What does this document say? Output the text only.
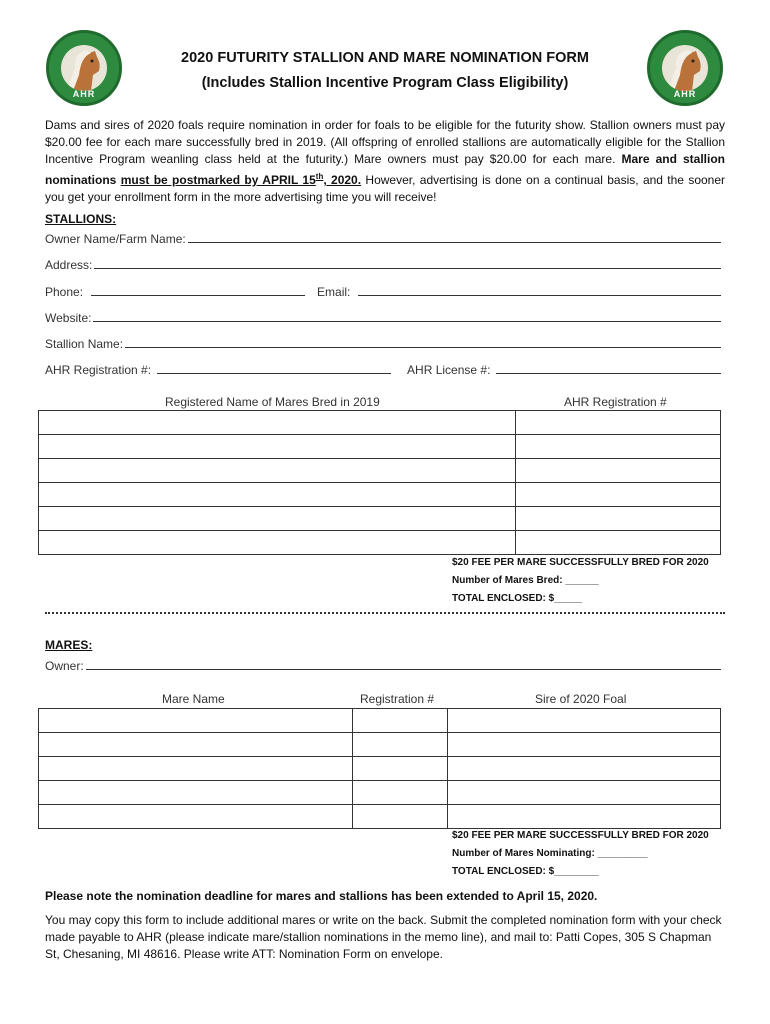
AHR	AHR
2020 FUTURITY STALLION AND MARE NOMINATION FORM
(Includes Stallion Incentive Program Class Eligibility)

Dams and sires of 2020 foals require nomination in order for foals to be eligible for the futurity show. Stallion owners must pay $20.00 fee for each mare successfully bred in 2019. (All offspring of enrolled stallions are automatically eligible for the Stallion Incentive Program weanling class held at the futurity.) Mare owners must pay $20.00 for each mare. Mare and stallion nominations must be postmarked by APRIL 15th, 2020. However, advertising is done on a continual basis, and the sooner you get your enrollment form in the more advertising time you will receive!

STALLIONS:
Owner Name/Farm Name:
Address:
Phone:	Email:
Website:
Stallion Name:
AHR Registration #:	AHR License #:
Registered Name of Mares Bred in 2019	AHR Registration #

$20 FEE PER MARE SUCCESSFULLY BRED FOR 2020
Number of Mares Bred: ______
TOTAL ENCLOSED: $_____
MARES:
Owner:
Mare Name	Registration #	Sire of 2020 Foal

$20 FEE PER MARE SUCCESSFULLY BRED FOR 2020
Number of Mares Nominating: _________
TOTAL ENCLOSED: $________
Please note the nomination deadline for mares and stallions has been extended to April 15, 2020.

You may copy this form to include additional mares or write on the back. Submit the completed nomination form with your check made payable to AHR (please indicate mare/stallion nominations in the memo line), and mail to: Patti Copes, 305 S Chapman St, Chesaning, MI 48616. Please write ATT: Nomination Form on envelope.
